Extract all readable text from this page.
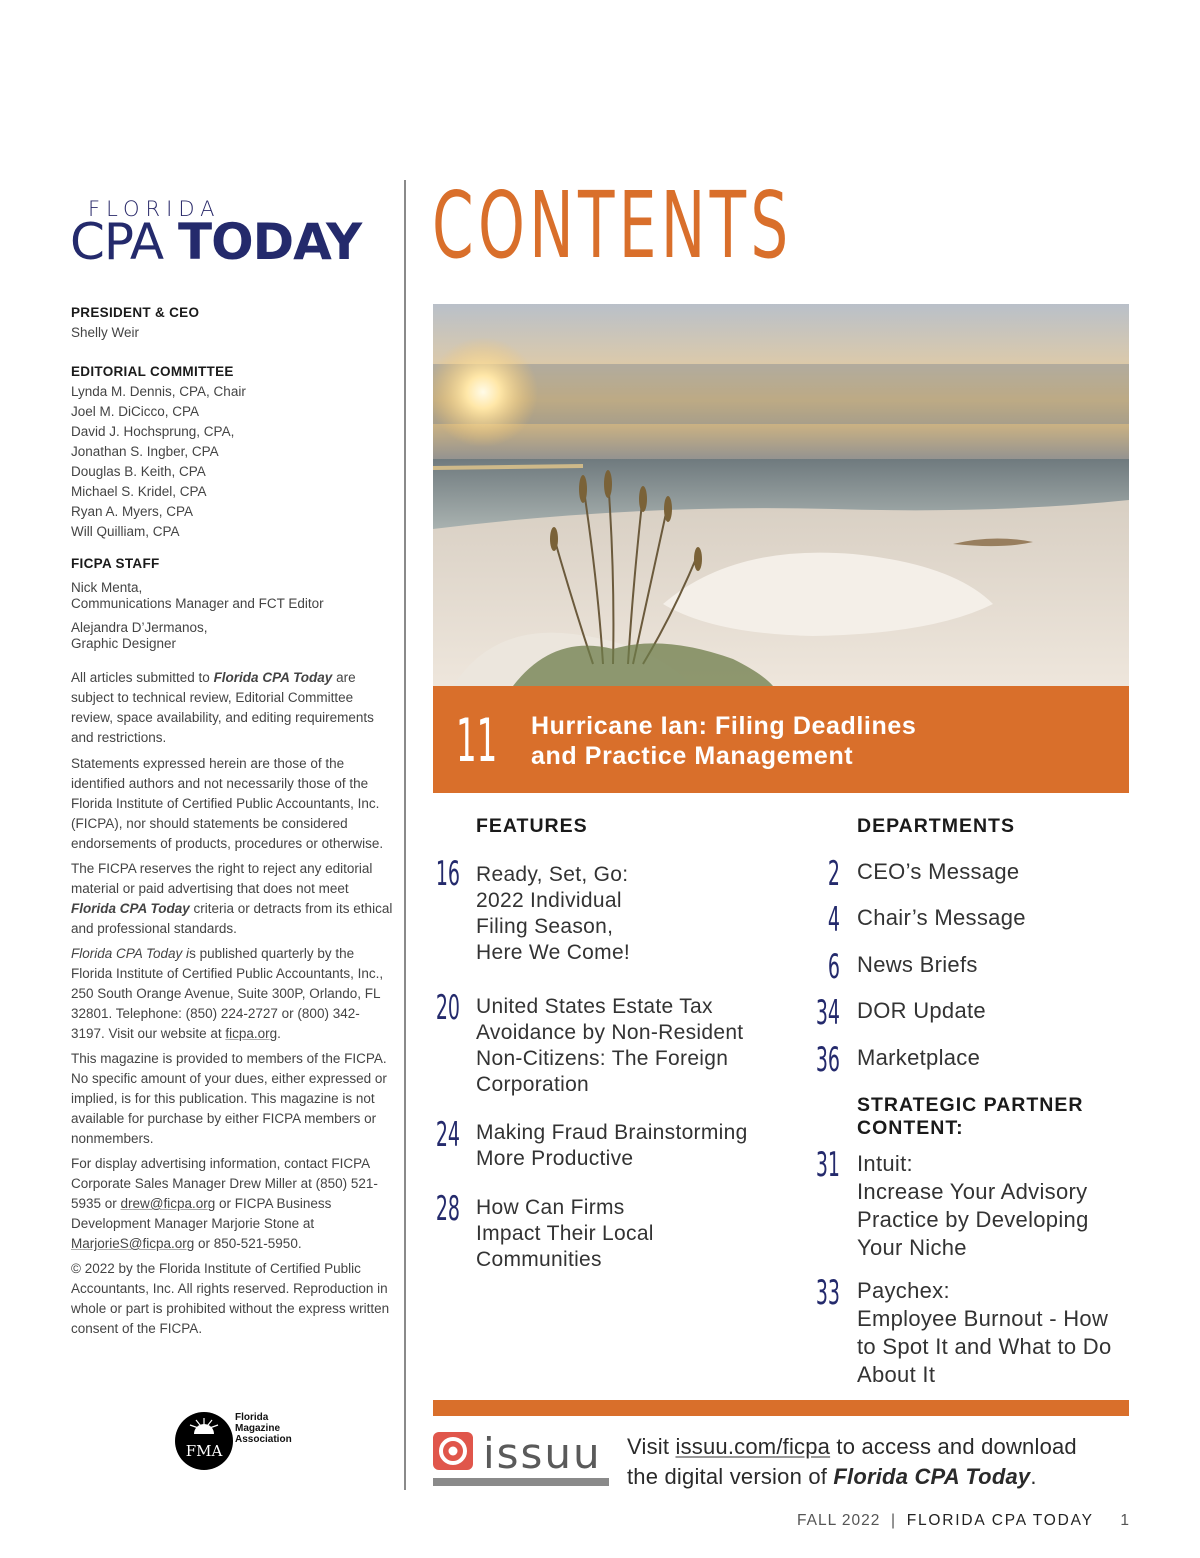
FLORIDA
CPA TODAY
PRESIDENT & CEO
Shelly Weir
EDITORIAL COMMITTEE
Lynda M. Dennis, CPA, Chair
Joel M. DiCicco, CPA
David J. Hochsprung, CPA,
Jonathan S. Ingber, CPA
Douglas B. Keith, CPA
Michael S. Kridel, CPA
Ryan A. Myers, CPA
Will Quilliam, CPA
FICPA STAFF
Nick Menta,
Communications Manager and FCT Editor
Alejandra D’Jermanos,
Graphic Designer

All articles submitted to Florida CPA Today are subject to technical review, Editorial Committee review, space availability, and editing requirements and restrictions.

Statements expressed herein are those of the identified authors and not necessarily those of the Florida Institute of Certified Public Accountants, Inc. (FICPA), nor should statements be considered endorsements of products, procedures or otherwise.

The FICPA reserves the right to reject any editorial material or paid advertising that does not meet Florida CPA Today criteria or detracts from its ethical and professional standards.

Florida CPA Today is published quarterly by the Florida Institute of Certified Public Accountants, Inc., 250 South Orange Avenue, Suite 300P, Orlando, FL 32801. Telephone: (850) 224-2727 or (800) 342-3197. Visit our website at ficpa.org.

This magazine is provided to members of the FICPA. No specific amount of your dues, either expressed or implied, is for this publication. This magazine is not available for purchase by either FICPA members or nonmembers.

For display advertising information, contact FICPA Corporate Sales Manager Drew Miller at (850) 521-5935 or drew@ficpa.org or FICPA Business Development Manager Marjorie Stone at MarjorieS@ficpa.org or 850-521-5950.

© 2022 by the Florida Institute of Certified Public Accountants, Inc. All rights reserved. Reproduction in whole or part is prohibited without the express written consent of the FICPA.

FMA
Florida
Magazine
Association
CONTENTS
11 Hurricane Ian: Filing Deadlines
and Practice Management
FEATURES
16 Ready, Set, Go:
2022 Individual
Filing Season,
Here We Come!
20 United States Estate Tax
Avoidance by Non-Resident
Non-Citizens: The Foreign
Corporation
24 Making Fraud Brainstorming
More Productive
28 How Can Firms
Impact Their Local
Communities
DEPARTMENTS
2 CEO’s Message
4 Chair’s Message
6 News Briefs
34 DOR Update
36 Marketplace
STRATEGIC PARTNER
CONTENT:
31 Intuit:
Increase Your Advisory
Practice by Developing
Your Niche
33 Paychex:
Employee Burnout - How
to Spot It and What to Do
About It
issuu Visit issuu.com/ficpa to access and download
the digital version of Florida CPA Today.
FALL 2022 | FLORIDA CPA TODAY 1
